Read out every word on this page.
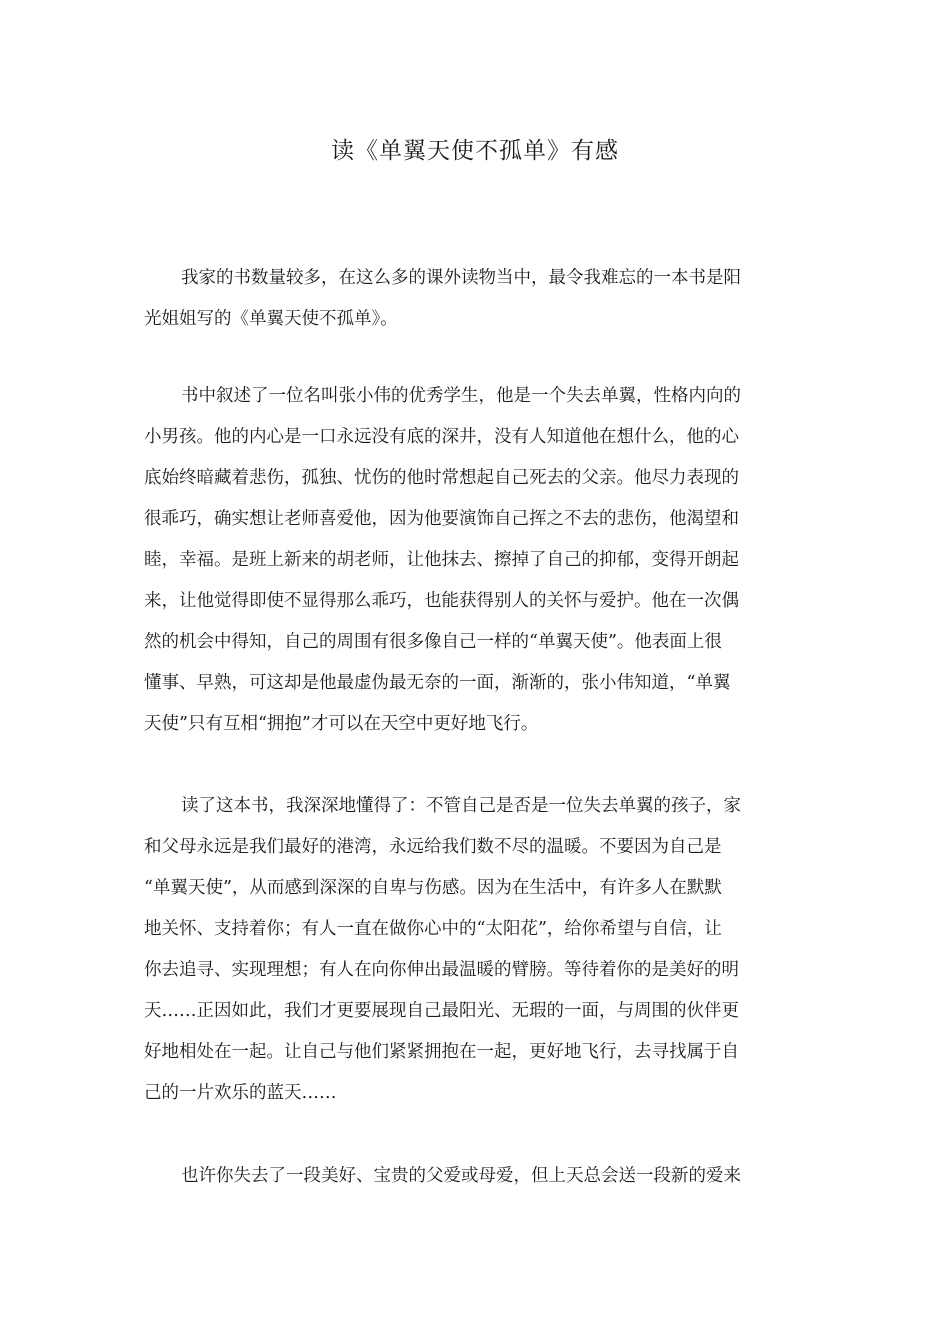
读《单翼天使不孤单》有感
我家的书数量较多，在这么多的课外读物当中，最令我难忘的一本书是阳
光姐姐写的《单翼天使不孤单》。
书中叙述了一位名叫张小伟的优秀学生，他是一个失去单翼，性格内向的
小男孩。他的内心是一口永远没有底的深井，没有人知道他在想什么，他的心
底始终暗藏着悲伤，孤独、忧伤的他时常想起自己死去的父亲。他尽力表现的
很乖巧，确实想让老师喜爱他，因为他要演饰自己挥之不去的悲伤，他渴望和
睦，幸福。是班上新来的胡老师，让他抹去、擦掉了自己的抑郁，变得开朗起
来，让他觉得即使不显得那么乖巧，也能获得别人的关怀与爱护。他在一次偶
然的机会中得知，自己的周围有很多像自己一样的“单翼天使”。他表面上很
懂事、早熟，可这却是他最虚伪最无奈的一面，渐渐的，张小伟知道，“单翼
天使”只有互相“拥抱”才可以在天空中更好地飞行。
读了这本书，我深深地懂得了：不管自己是否是一位失去单翼的孩子，家
和父母永远是我们最好的港湾，永远给我们数不尽的温暖。不要因为自己是
“单翼天使”，从而感到深深的自卑与伤感。因为在生活中，有许多人在默默
地关怀、支持着你；有人一直在做你心中的“太阳花”，给你希望与自信，让
你去追寻、实现理想；有人在向你伸出最温暖的臂膀。等待着你的是美好的明
天……正因如此，我们才更要展现自己最阳光、无瑕的一面，与周围的伙伴更
好地相处在一起。让自己与他们紧紧拥抱在一起，更好地飞行，去寻找属于自
己的一片欢乐的蓝天……
也许你失去了一段美好、宝贵的父爱或母爱，但上天总会送一段新的爱来
